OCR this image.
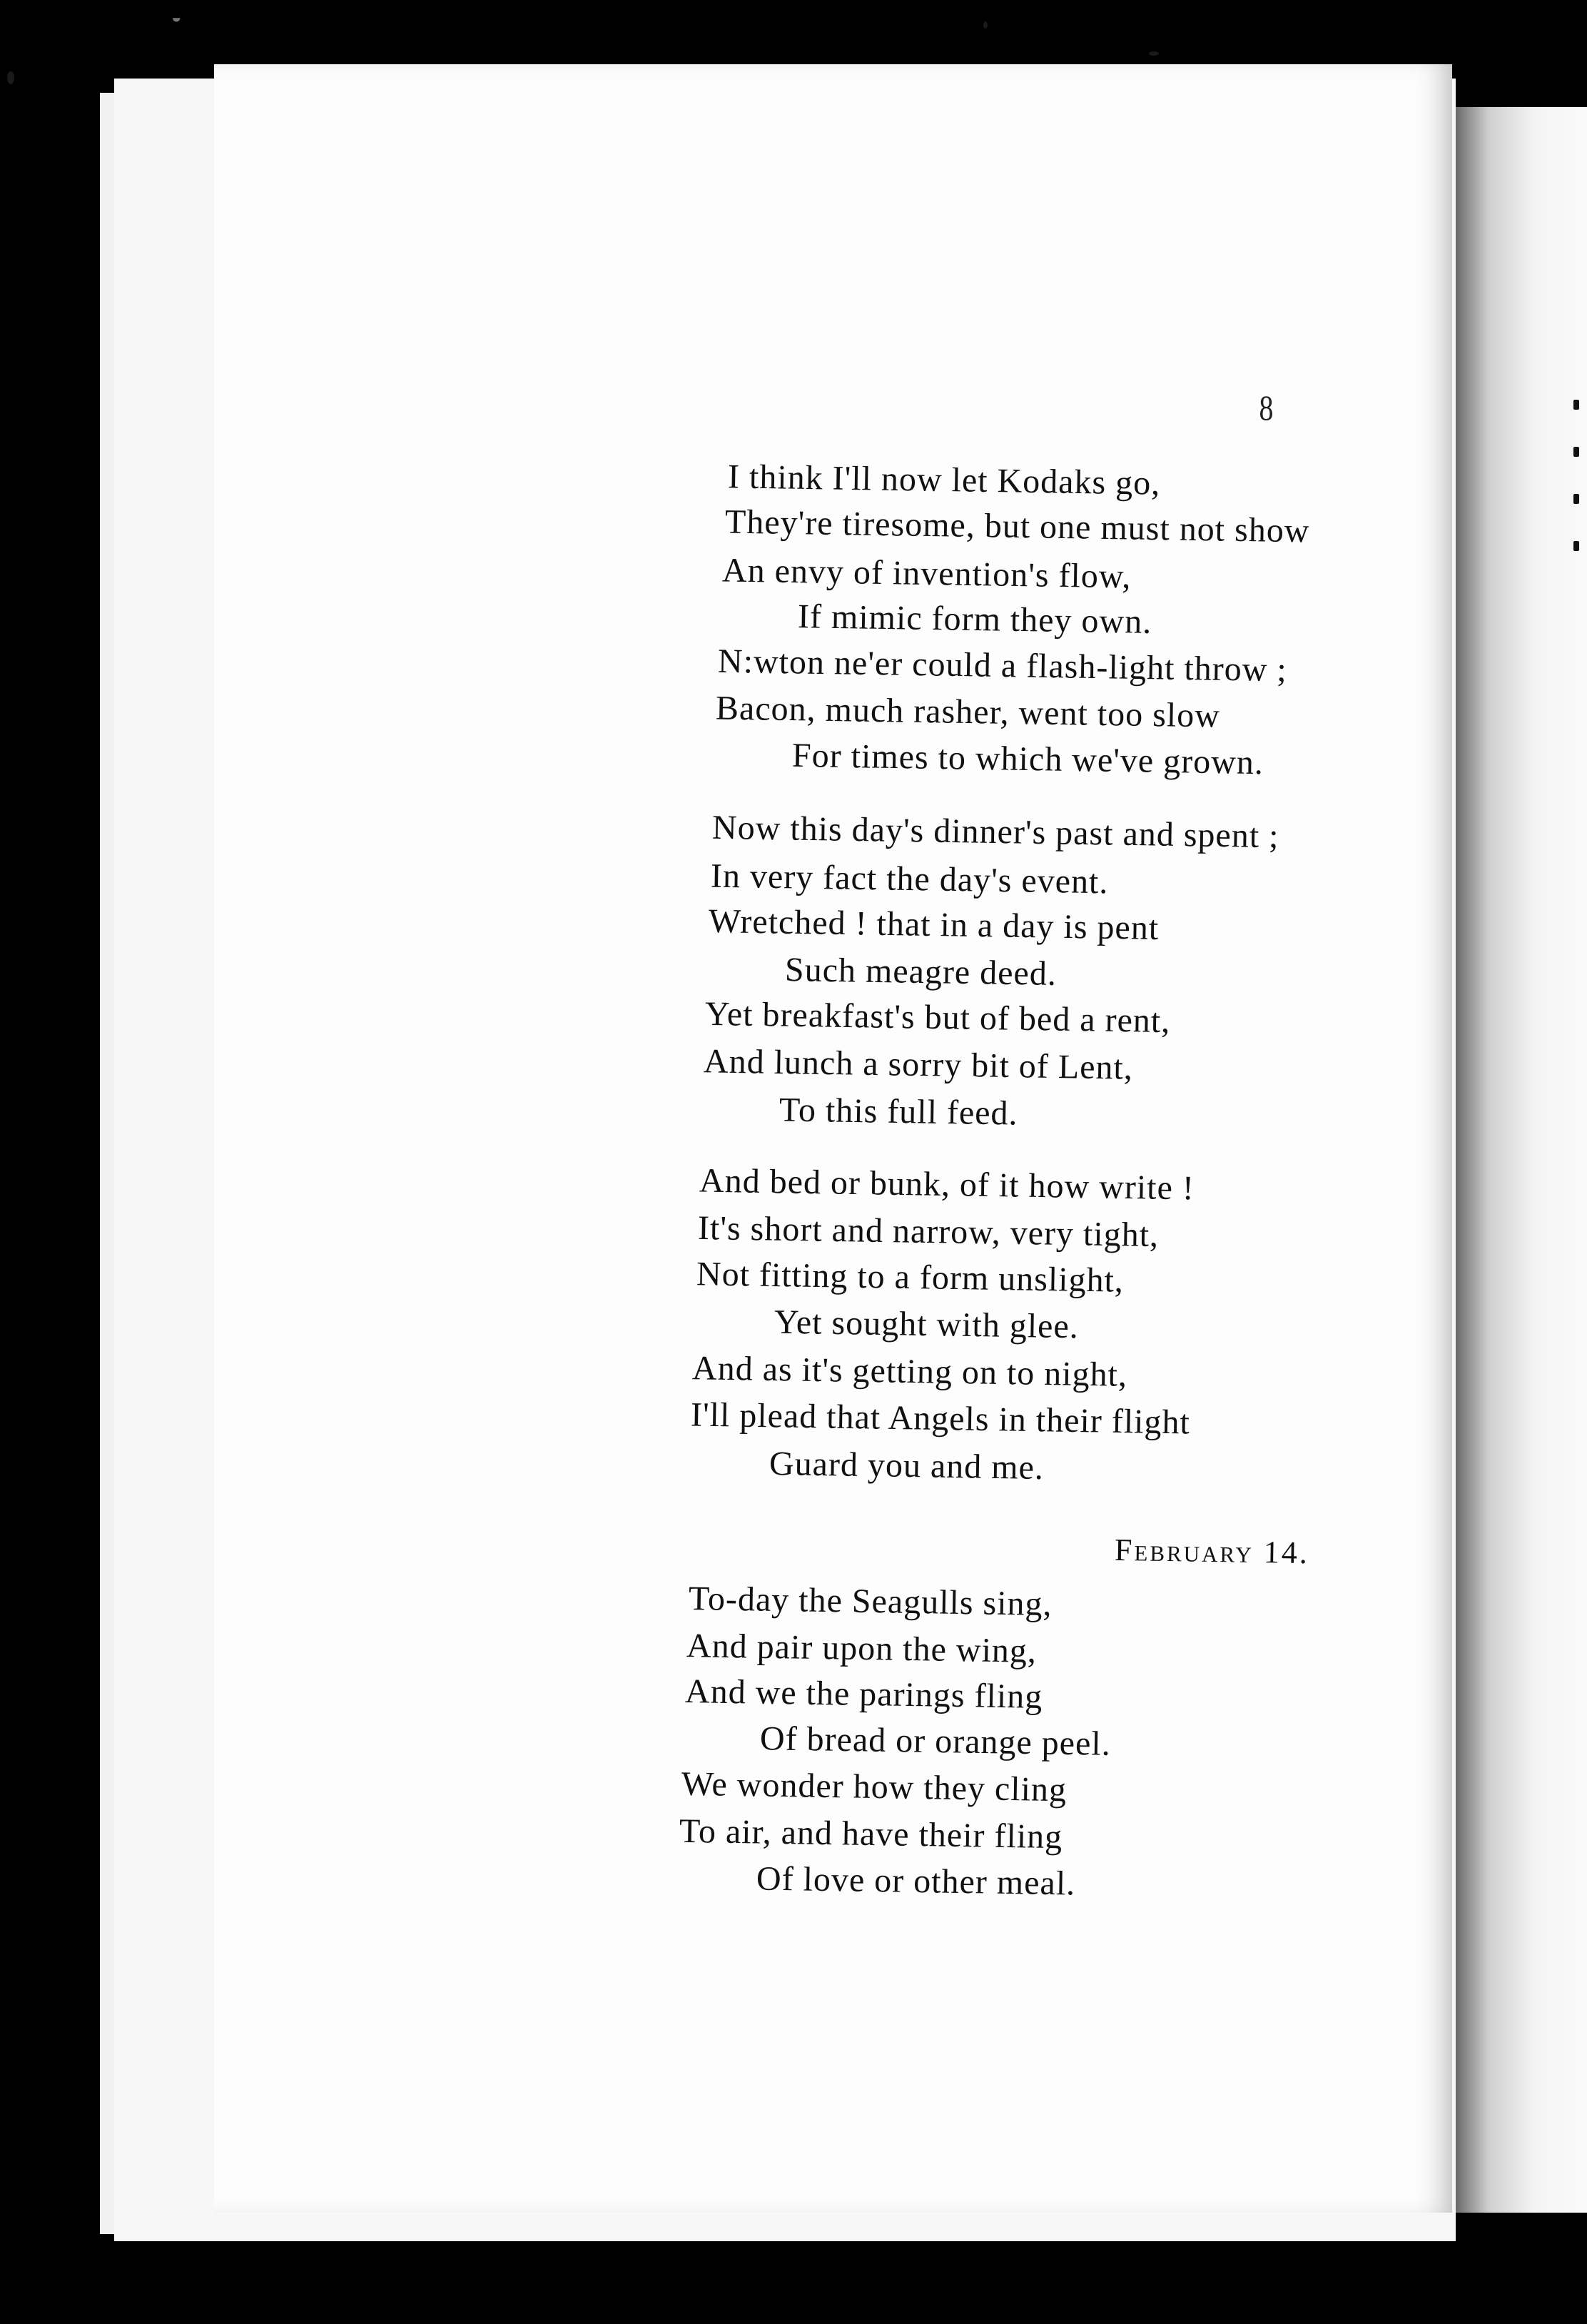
◒
8
I think I'll now let Kodaks go,
They're tiresome, but one must not show
An envy of invention's flow,
If mimic form they own.
N:wton ne'er could a flash-light throw ;
Bacon, much rasher, went too slow
For times to which we've grown.
Now this day's dinner's past and spent ;
In very fact the day's event.
Wretched ! that in a day is pent
Such meagre deed.
Yet breakfast's but of bed a rent,
And lunch a sorry bit of Lent,
To this full feed.
And bed or bunk, of it how write !
It's short and narrow, very tight,
Not fitting to a form unslight,
Yet sought with glee.
And as it's getting on to night,
I'll plead that Angels in their flight
Guard you and me.
February 14.
To-day the Seagulls sing,
And pair upon the wing,
And we the parings fling
Of bread or orange peel.
We wonder how they cling
To air, and have their fling
Of love or other meal.
